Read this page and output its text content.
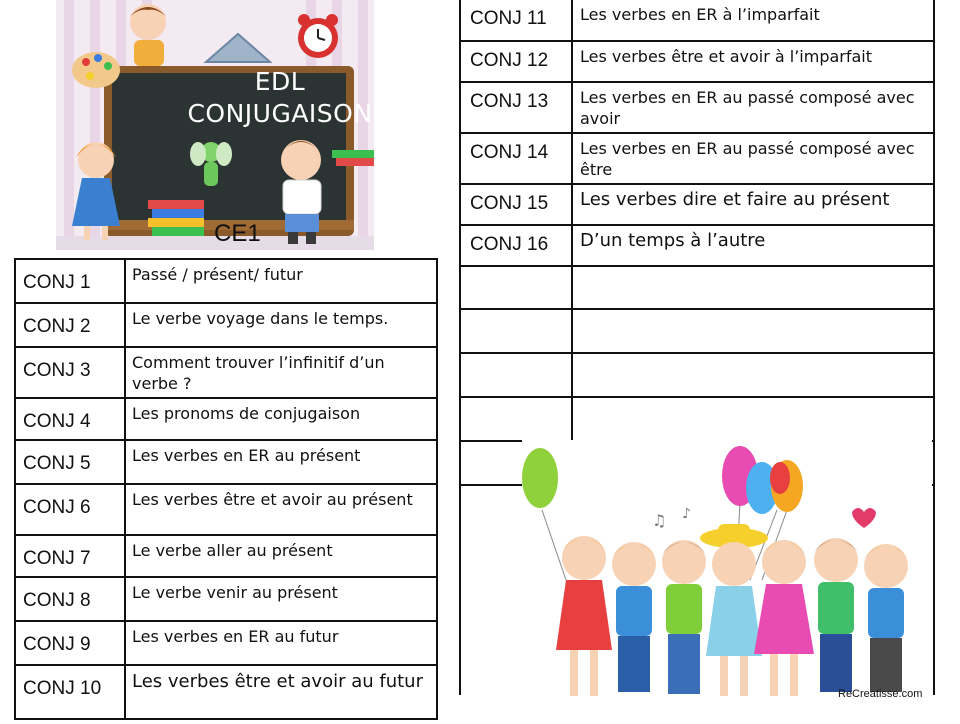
EDL
CONJUGAISON
CE1
CONJ 1	Passé / présent/ futur
CONJ 2	Le verbe voyage dans le temps.
CONJ 3	Comment trouver l’infinitif d’un verbe ?
CONJ 4	Les pronoms de conjugaison
CONJ 5	Les verbes en ER au présent
CONJ 6	Les verbes être et avoir au présent
CONJ 7	Le verbe aller au présent
CONJ 8	Le verbe venir au présent
CONJ 9	Les verbes en ER au futur
CONJ 10	Les verbes être et avoir au futur
CONJ 11	Les verbes en ER à l’imparfait
CONJ 12	Les verbes être et avoir à l’imparfait
CONJ 13	Les verbes en ER au passé composé avec avoir
CONJ 14	Les verbes en ER au passé composé avec être
CONJ 15	Les verbes dire et faire au présent
CONJ 16	D’un temps à l’autre

♫ ♪
ReCreatisse.com
